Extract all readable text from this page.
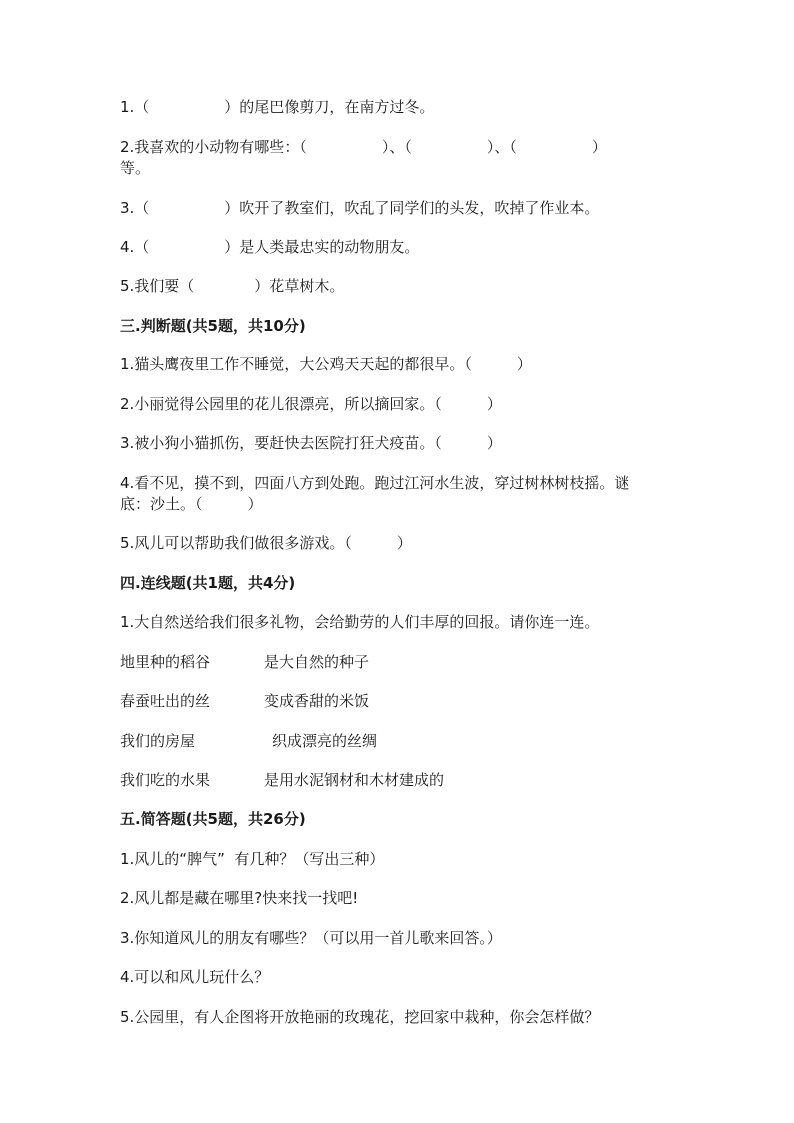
1.（　　　　　）的尾巴像剪刀，在南方过冬。
2.我喜欢的小动物有哪些：（　　　　　）、（　　　　　）、（　　　　　）
等。
3.（　　　　　）吹开了教室们，吹乱了同学们的头发，吹掉了作业本。
4.（　　　　　）是人类最忠实的动物朋友。
5.我们要（　　　　）花草树木。
三.判断题(共5题，共10分)
1.猫头鹰夜里工作不睡觉，大公鸡天天起的都很早。（　　　）
2.小丽觉得公园里的花儿很漂亮，所以摘回家。（　　　）
3.被小狗小猫抓伤，要赶快去医院打狂犬疫苗。（　　　）
4.看不见，摸不到，四面八方到处跑。跑过江河水生波，穿过树林树枝摇。谜
底：沙土。（　　　）
5.风儿可以帮助我们做很多游戏。（　　　）
四.连线题(共1题，共4分)
1.大自然送给我们很多礼物，会给勤劳的人们丰厚的回报。请你连一连。
地里种的稻谷	是大自然的种子
春蚕吐出的丝	变成香甜的米饭
我们的房屋	织成漂亮的丝绸
我们吃的水果	是用水泥钢材和木材建成的
五.简答题(共5题，共26分)
1.风儿的“脾气”  有几种？（写出三种）
2.风儿都是藏在哪里?快来找一找吧!
3.你知道风儿的朋友有哪些？（可以用一首儿歌来回答。）
4.可以和风儿玩什么？
5.公园里，有人企图将开放艳丽的玫瑰花，挖回家中栽种，你会怎样做？
